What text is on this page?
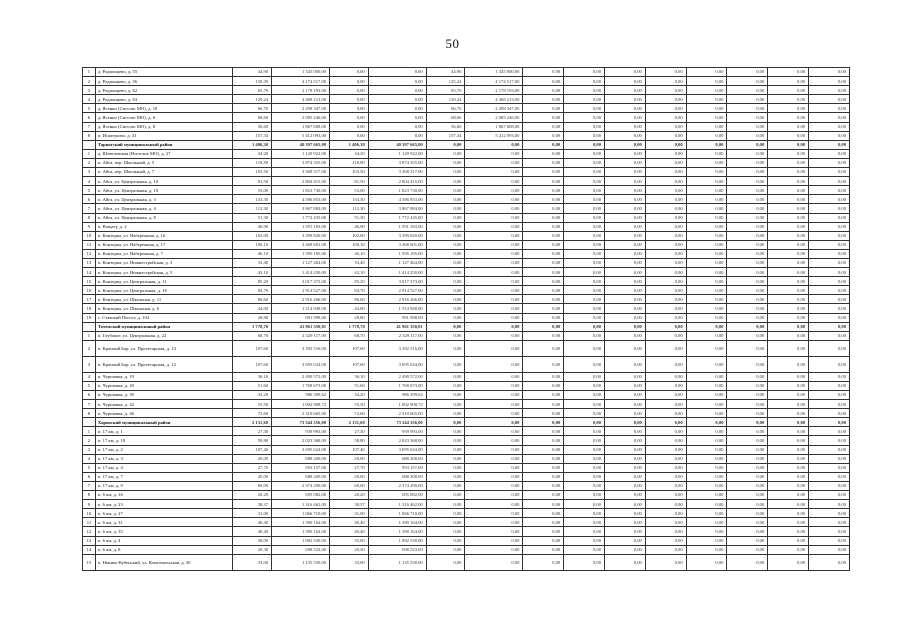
50
1	д. Родионцево, д. 55	44,90	1 345 000,00	0,00	0,00	44,90	1 345 000,00	0,00	0,00	0,00	0,00	0,00	0,00	0,00	0,00
2	д. Родионцево, д. 56	150,39	4 174 517,00	0,00	0,00	125,24	4 174 517,00	0,00	0,00	0,00	0,00	0,00	0,00	0,00	0,00
3	д. Родионцево, д. 62	65,70	2 178 193,00	0,00	0,00	65,70	2 178 193,00	0,00	0,00	0,00	0,00	0,00	0,00	0,00	0,00
4	д. Родионцево, д. 63	129,24	4 468 213,00	0,00	0,00	129,24	4 468 213,00	0,00	0,00	0,00	0,00	0,00	0,00	0,00	0,00
5	д. Ясенно (Сиссовс МО), д. 10	66,70	2 298 347,00	0,00	0,00	66,70	2 298 347,00	0,00	0,00	0,00	0,00	0,00	0,00	0,00	0,00
6	д. Ясенно (Сиссовс МО), д. 6	68,60	2 085 246,00	0,00	0,00	68,60	2 085 246,00	0,00	0,00	0,00	0,00	0,00	0,00	0,00	0,00
7	д. Ясенно (Сиссовс МО), д. 8	56,60	1 867 608,00	0,00	0,00	56,60	1 867 608,00	0,00	0,00	0,00	0,00	0,00	0,00	0,00	0,00
8	п. Исаатуково, д. 31	157,34	5 412 093,00	0,00	0,00	157,34	5 412 093,00	0,00	0,00	0,00	0,00	0,00	0,00	0,00	0,00
	Тарногский муниципальный район	1 406,30	40 397 665,00	1 406,30	40 397 665,00	0,00	0,00	0,00	0,00	0,00	0,00	0,00	0,00	0,00	0,00
1	д. Шевелевская (Илезское МО), д. 27	34,20	1 120 922,00	34,20	1 120 922,00	0,00	0,00	0,00	0,00	0,00	0,00	0,00	0,00	0,00	0,00
2	п. Айга, пер. Школьный, д. 5	118,80	3 874 355,00	118,80	3 874 355,00	0,00	0,00	0,00	0,00	0,00	0,00	0,00	0,00	0,00	0,00
3	п. Айга, пер. Школьный, д. 7	103,50	3 368 317,00	103,50	3 368 317,00	0,00	0,00	0,00	0,00	0,00	0,00	0,00	0,00	0,00	0,00
4	п. Айга, ул. Центральная, д. 10	81,50	2 804 415,00	81,50	2 804 415,00	0,00	0,00	0,00	0,00	0,00	0,00	0,00	0,00	0,00	0,00
5	п. Айга, ул. Центральная, д. 19	53,00	1 823 730,00	53,00	1 823 730,00	0,00	0,00	0,00	0,00	0,00	0,00	0,00	0,00	0,00	0,00
6	п. Айга, ул. Центральная, д. 3	133,30	4 586 853,00	133,30	4 586 853,00	0,00	0,00	0,00	0,00	0,00	0,00	0,00	0,00	0,00	0,00
7	п. Айга, ул. Центральная, д. 4	112,30	3 867 884,00	112,30	3 867 884,00	0,00	0,00	0,00	0,00	0,00	0,00	0,00	0,00	0,00	0,00
8	п. Айга, ул. Центральная, д. 8	51,30	1 772 435,00	51,30	1 772 435,00	0,00	0,00	0,00	0,00	0,00	0,00	0,00	0,00	0,00	0,00
9	п. Вощагу, д. 2	46,90	1 591 183,00	46,90	1 591 183,00	0,00	0,00	0,00	0,00	0,00	0,00	0,00	0,00	0,00	0,00
10	п. Конторка, ул. Набережная, д. 16	102,00	3 399 820,00	102,00	3 399 820,00	0,00	0,00	0,00	0,00	0,00	0,00	0,00	0,00	0,00	0,00
11	п. Конторка, ул. Набережная, д. 17	100,10	3 468 601,00	100,10	3 468 601,00	0,00	0,00	0,00	0,00	0,00	0,00	0,00	0,00	0,00	0,00
12	п. Конторка, ул. Набережная, д. 7	46,10	1 595 185,00	46,10	1 595 185,00	0,00	0,00	0,00	0,00	0,00	0,00	0,00	0,00	0,00	0,00
13	п. Конторка, ул. Нижнестройская, д. 3	33,40	1 127 464,00	33,40	1 127 464,00	0,00	0,00	0,00	0,00	0,00	0,00	0,00	0,00	0,00	0,00
14	п. Конторка, ул. Нижнестройская, д. 5	43,10	1 414 250,00	43,10	1 414 250,00	0,00	0,00	0,00	0,00	0,00	0,00	0,00	0,00	0,00	0,00
15	п. Конторка, ул. Центральная, д. 11	85,20	3 017 373,00	85,20	3 017 373,00	0,00	0,00	0,00	0,00	0,00	0,00	0,00	0,00	0,00	0,00
16	п. Конторка, ул. Центральная, д. 18	84,70	2 914 527,00	84,70	2 914 527,00	0,00	0,00	0,00	0,00	0,00	0,00	0,00	0,00	0,00	0,00
17	п. Конторка, ул. Школьная, д. 11	86,60	2 916 266,00	86,60	2 916 266,00	0,00	0,00	0,00	0,00	0,00	0,00	0,00	0,00	0,00	0,00
18	п. Конторка, ул. Школьная, д. 6	44,00	1 514 948,00	44,00	1 514 948,00	0,00	0,00	0,00	0,00	0,00	0,00	0,00	0,00	0,00	0,00
19	с. Ставский Погост, д. 102	28,80	991 998,00	28,80	991 998,00	0,00	0,00	0,00	0,00	0,00	0,00	0,00	0,00	0,00	0,00
	Тотемский муниципальный район	1 778,70	41 961 350,01	1 778,70	41 961 350,01	0,00	0,00	0,00	0,00	0,00	0,00	0,00	0,00	0,00	0,00
1	п. Глубокое, ул. Центральная, д. 22	68,70	2 329 117,00	68,70	2 329 117,00	0,00	0,00	0,00	0,00	0,00	0,00	0,00	0,00	0,00	0,00
2	п. Красный Бор, ул. Пролетарская, д. 13	107,60	3 392 516,00	107,60	3 392 516,00	0,00	0,00	0,00	0,00	0,00	0,00	0,00	0,00	0,00	0,00
3	п. Красный Бор, ул. Пролетарская, д. 12	107,60	3 695 634,00	107,60	3 695 634,00	0,00	0,00	0,00	0,00	0,00	0,00	0,00	0,00	0,00	0,00
4	п. Чуршовка, д. 19	36,10	2 490 572,00	36,10	2 490 572,00	0,00	0,00	0,00	0,00	0,00	0,00	0,00	0,00	0,00	0,00
5	п. Чуршовка, д. 20	51,60	1 768 673,00	51,60	1 768 673,00	0,00	0,00	0,00	0,00	0,00	0,00	0,00	0,00	0,00	0,00
6	п. Чуршовка, д. 39	34,20	986 399,62	34,20	986 399,62	0,00	0,00	0,00	0,00	0,00	0,00	0,00	0,00	0,00	0,00
7	п. Чуршовка, д. 42	55,50	1 002 908,72	55,50	1 002 908,72	0,00	0,00	0,00	0,00	0,00	0,00	0,00	0,00	0,00	0,00
8	п. Чуршовка, д. 46	72,60	2 310 665,00	72,60	2 310 665,00	0,00	0,00	0,00	0,00	0,00	0,00	0,00	0,00	0,00	0,00
	Харовский муниципальный район	2 131,60	73 344 356,00	2 131,60	73 344 356,00	0,00	0,00	0,00	0,00	0,00	0,00	0,00	0,00	0,00	0,00
1	п. 17 км, д. 1	27,30	939 993,00	27,30	939 993,00	0,00	0,00	0,00	0,00	0,00	0,00	0,00	0,00	0,00	0,00
2	п. 17 км, д. 18	58,80	2 023 368,00	58,80	2 023 368,00	0,00	0,00	0,00	0,00	0,00	0,00	0,00	0,00	0,00	0,00
3	п. 17 км, д. 2	107,40	3 695 624,00	107,40	3 695 624,00	0,00	0,00	0,00	0,00	0,00	0,00	0,00	0,00	0,00	0,00
4	п. 17 км, д. 3	20,00	688 200,00	20,00	688 200,00	0,00	0,00	0,00	0,00	0,00	0,00	0,00	0,00	0,00	0,00
5	п. 17 км, д. 4	27,70	953 157,00	27,70	953 157,00	0,00	0,00	0,00	0,00	0,00	0,00	0,00	0,00	0,00	0,00
6	п. 17 км, д. 7	20,00	688 200,00	20,00	688 200,00	0,00	0,00	0,00	0,00	0,00	0,00	0,00	0,00	0,00	0,00
7	п. 17 км, д. 9	69,00	2 374 290,00	69,00	2 374 290,00	0,00	0,00	0,00	0,00	0,00	0,00	0,00	0,00	0,00	0,00
8	п. 6 км, д. 16	20,20	695 082,00	20,20	695 082,00	0,00	0,00	0,00	0,00	0,00	0,00	0,00	0,00	0,00	0,00
9	п. 6 км, д. 23	38,37	1 316 462,00	38,37	1 316 462,00	0,00	0,00	0,00	0,00	0,00	0,00	0,00	0,00	0,00	0,00
10	п. 6 км, д. 27	31,00	1 066 710,00	31,00	1 066 710,00	0,00	0,00	0,00	0,00	0,00	0,00	0,00	0,00	0,00	0,00
11	п. 6 км, д. 31	40,40	1 390 164,00	40,40	1 390 164,00	0,00	0,00	0,00	0,00	0,00	0,00	0,00	0,00	0,00	0,00
12	п. 6 км, д. 35	40,40	1 390 164,00	40,40	1 390 164,00	0,00	0,00	0,00	0,00	0,00	0,00	0,00	0,00	0,00	0,00
13	п. 6 км, д. 4	38,00	1 082 530,00	35,00	1 082 530,00	0,00	0,00	0,00	0,00	0,00	0,00	0,00	0,00	0,00	0,00
14	п. 6 км, д. 8	20,30	698 523,00	20,30	698 523,00	0,00	0,00	0,00	0,00	0,00	0,00	0,00	0,00	0,00	0,00
15	п. Никико-Кубенский, ул. Комсомольская, д. 30	33,00	1 135 530,00	33,00	1 135 530,00	0,00	0,00	0,00	0,00	0,00	0,00	0,00	0,00	0,00	0,00
